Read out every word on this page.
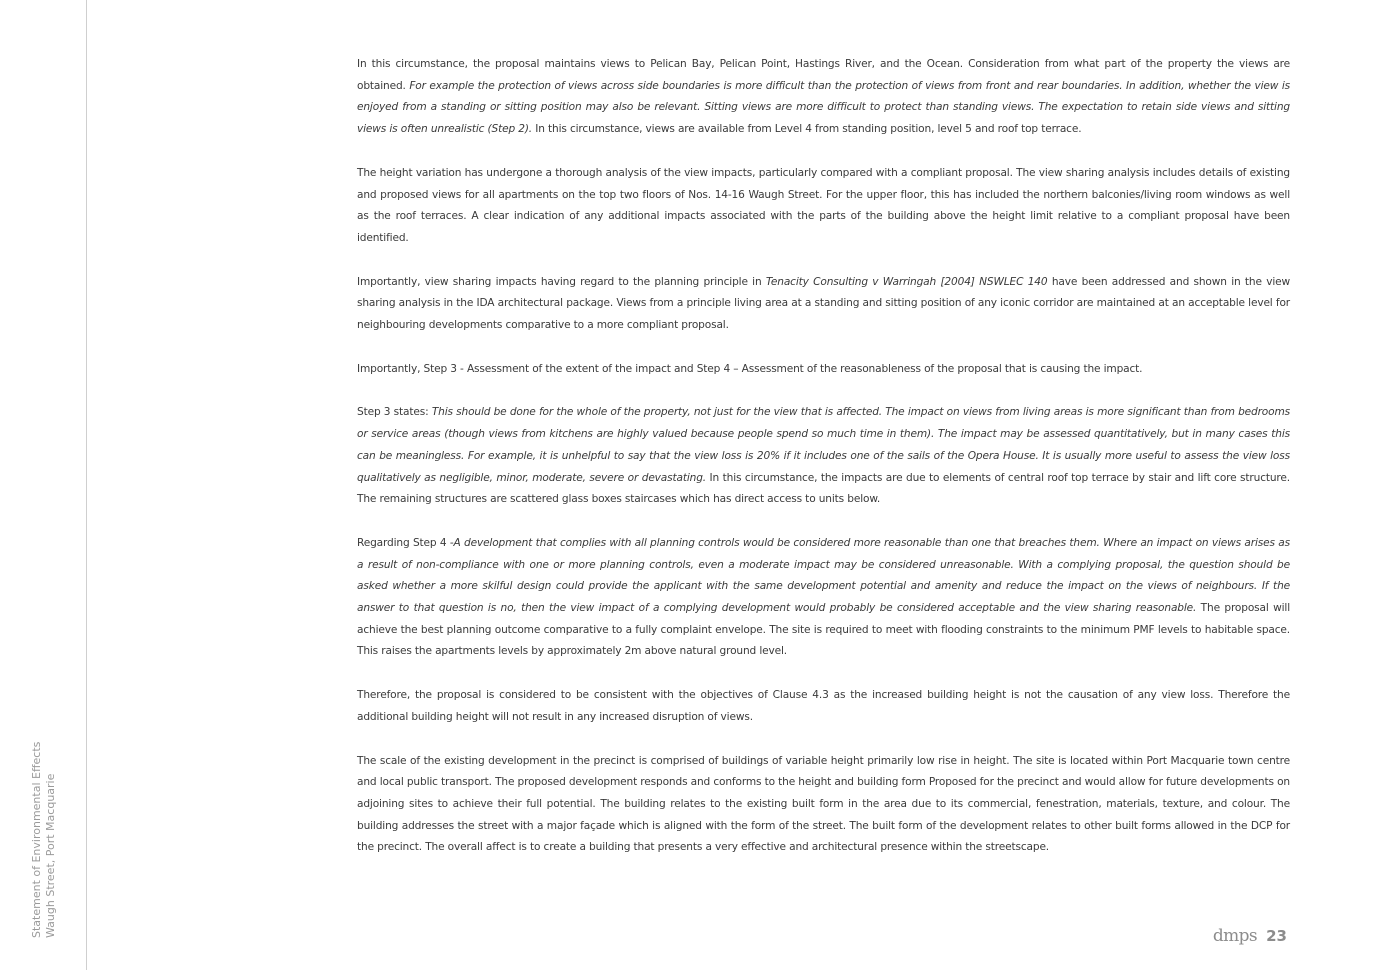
Statement of Environmental Effects Waugh Street, Port Macquarie

In this circumstance, the proposal maintains views to Pelican Bay, Pelican Point, Hastings River, and the Ocean. Consideration from what part of the property the views are obtained. For example the protection of views across side boundaries is more difficult than the protection of views from front and rear boundaries. In addition, whether the view is enjoyed from a standing or sitting position may also be relevant. Sitting views are more difficult to protect than standing views. The expectation to retain side views and sitting views is often unrealistic (Step 2). In this circumstance, views are available from Level 4 from standing position, level 5 and roof top terrace.

The height variation has undergone a thorough analysis of the view impacts, particularly compared with a compliant proposal. The view sharing analysis includes details of existing and proposed views for all apartments on the top two floors of Nos. 14-16 Waugh Street. For the upper floor, this has included the northern balconies/living room windows as well as the roof terraces. A clear indication of any additional impacts associated with the parts of the building above the height limit relative to a compliant proposal have been identified.

Importantly, view sharing impacts having regard to the planning principle in Tenacity Consulting v Warringah [2004] NSWLEC 140 have been addressed and shown in the view sharing analysis in the IDA architectural package. Views from a principle living area at a standing and sitting position of any iconic corridor are maintained at an acceptable level for neighbouring developments comparative to a more compliant proposal.

Importantly, Step 3 - Assessment of the extent of the impact and Step 4 – Assessment of the reasonableness of the proposal that is causing the impact.

Step 3 states: This should be done for the whole of the property, not just for the view that is affected. The impact on views from living areas is more significant than from bedrooms or service areas (though views from kitchens are highly valued because people spend so much time in them). The impact may be assessed quantitatively, but in many cases this can be meaningless. For example, it is unhelpful to say that the view loss is 20% if it includes one of the sails of the Opera House. It is usually more useful to assess the view loss qualitatively as negligible, minor, moderate, severe or devastating. In this circumstance, the impacts are due to elements of central roof top terrace by stair and lift core structure. The remaining structures are scattered glass boxes staircases which has direct access to units below.

Regarding Step 4 -A development that complies with all planning controls would be considered more reasonable than one that breaches them. Where an impact on views arises as a result of non-compliance with one or more planning controls, even a moderate impact may be considered unreasonable. With a complying proposal, the question should be asked whether a more skilful design could provide the applicant with the same development potential and amenity and reduce the impact on the views of neighbours. If the answer to that question is no, then the view impact of a complying development would probably be considered acceptable and the view sharing reasonable. The proposal will achieve the best planning outcome comparative to a fully complaint envelope. The site is required to meet with flooding constraints to the minimum PMF levels to habitable space. This raises the apartments levels by approximately 2m above natural ground level.

Therefore, the proposal is considered to be consistent with the objectives of Clause 4.3 as the increased building height is not the causation of any view loss. Therefore the additional building height will not result in any increased disruption of views.

The scale of the existing development in the precinct is comprised of buildings of variable height primarily low rise in height. The site is located within Port Macquarie town centre and local public transport. The proposed development responds and conforms to the height and building form Proposed for the precinct and would allow for future developments on adjoining sites to achieve their full potential. The building relates to the existing built form in the area due to its commercial, fenestration, materials, texture, and colour. The building addresses the street with a major façade which is aligned with the form of the street. The built form of the development relates to other built forms allowed in the DCP for the precinct. The overall affect is to create a building that presents a very effective and architectural presence within the streetscape.

dmps 23
